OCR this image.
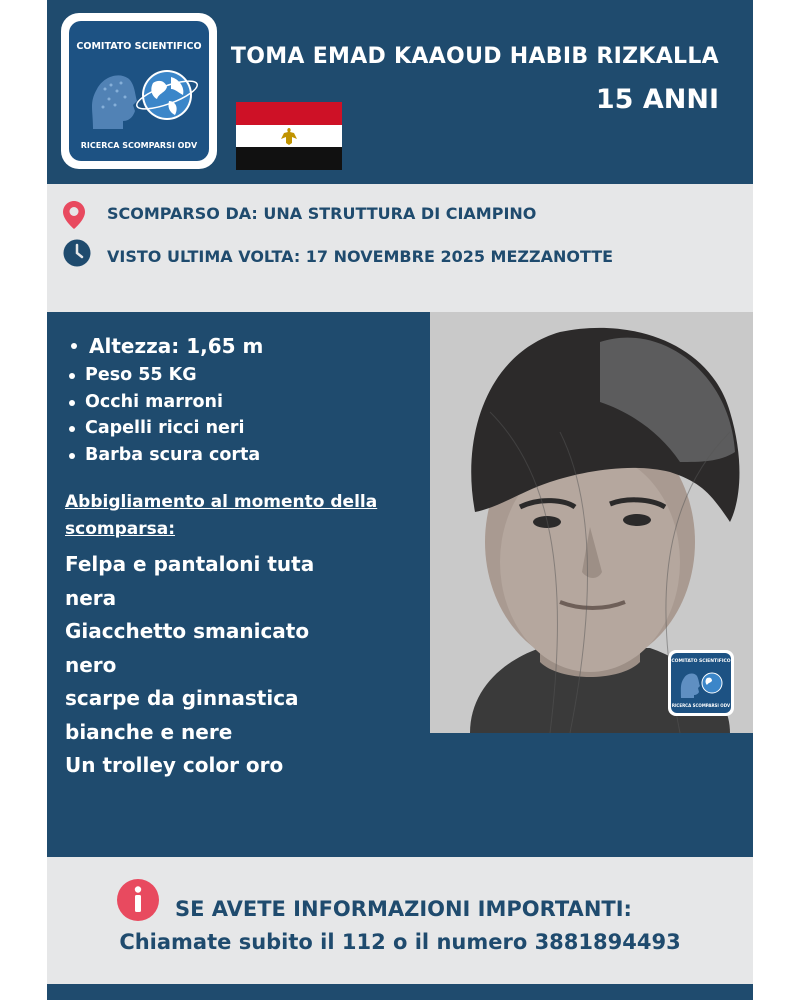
COMITATO SCIENTIFICO
RICERCA SCOMPARSI ODV
TOMA EMAD KAAOUD HABIB RIZKALLA
15 ANNI
SCOMPARSO DA: UNA STRUTTURA DI CIAMPINO
VISTO ULTIMA VOLTA: 17 NOVEMBRE 2025 MEZZANOTTE
Altezza: 1,65 m
Peso 55 KG
Occhi marroni
Capelli ricci neri
Barba scura corta
Abbigliamento al momento della scomparsa:
Felpa e pantaloni tuta
nera
Giacchetto smanicato
nero
scarpe da ginnastica
bianche e nere
Un trolley color oro
COMITATO SCIENTIFICO
RICERCA SCOMPARSI ODV
SE AVETE INFORMAZIONI IMPORTANTI:
Chiamate subito il 112 o il numero 3881894493
